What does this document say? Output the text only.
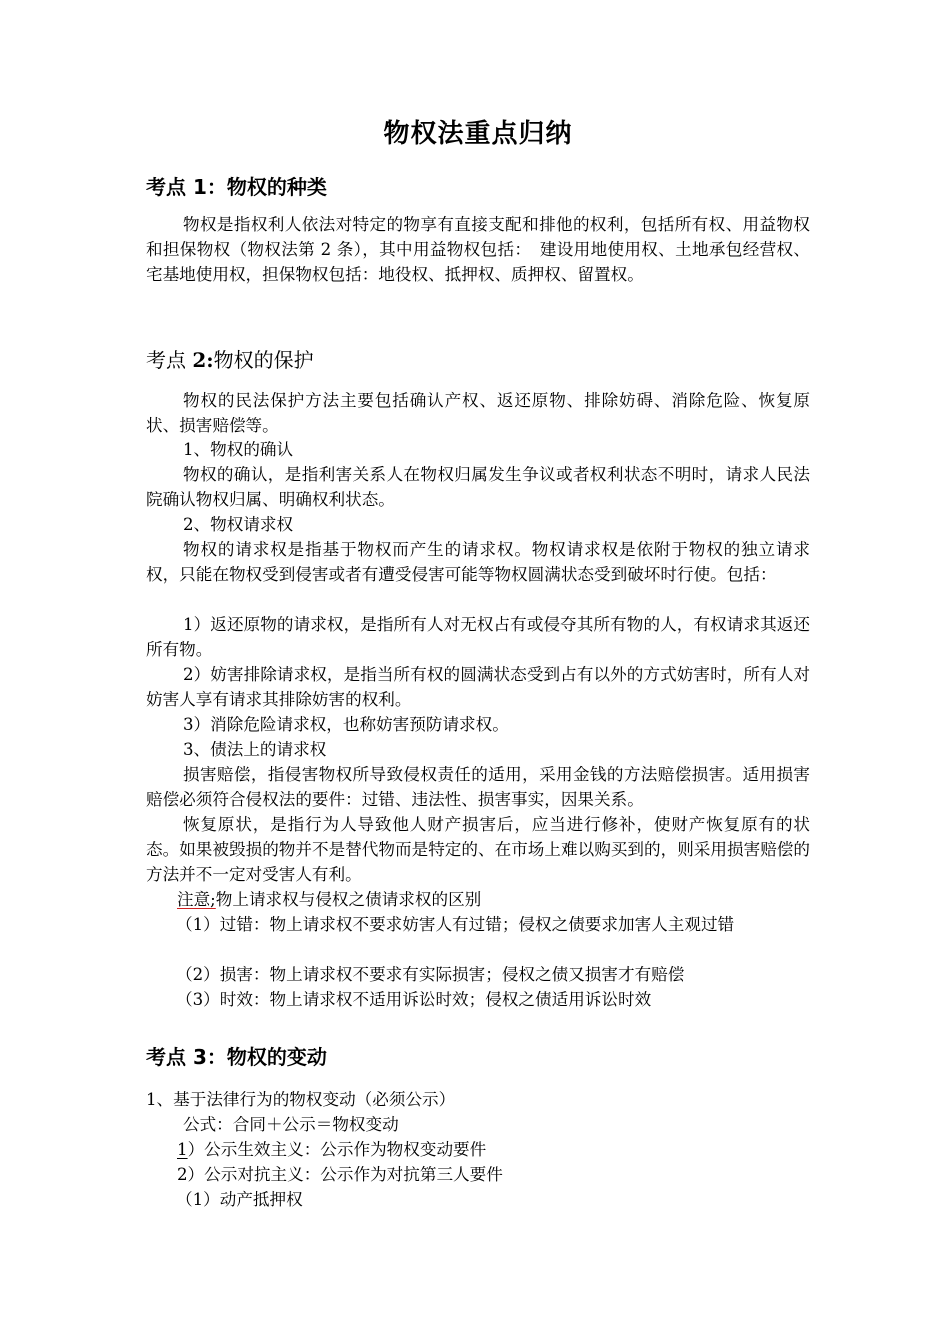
物权法重点归纳
考点 1：物权的种类
物权是指权利人依法对特定的物享有直接支配和排他的权利，包括所有权、用益物权和担保物权（物权法第 2 条），其中用益物权包括：　建设用地使用权、土地承包经营权、宅基地使用权，担保物权包括：地役权、抵押权、质押权、留置权。
考点 2:物权的保护
物权的民法保护方法主要包括确认产权、返还原物、排除妨碍、消除危险、恢复原状、损害赔偿等。
1、物权的确认
物权的确认，是指利害关系人在物权归属发生争议或者权利状态不明时，请求人民法院确认物权归属、明确权利状态。
2、物权请求权
物权的请求权是指基于物权而产生的请求权。物权请求权是依附于物权的独立请求权，只能在物权受到侵害或者有遭受侵害可能等物权圆满状态受到破坏时行使。包括：
1）返还原物的请求权，是指所有人对无权占有或侵夺其所有物的人，有权请求其返还所有物。
2）妨害排除请求权，是指当所有权的圆满状态受到占有以外的方式妨害时，所有人对妨害人享有请求其排除妨害的权利。
3）消除危险请求权，也称妨害预防请求权。
3、债法上的请求权
损害赔偿，指侵害物权所导致侵权责任的适用，采用金钱的方法赔偿损害。适用损害赔偿必须符合侵权法的要件：过错、违法性、损害事实，因果关系。
恢复原状，是指行为人导致他人财产损害后，应当进行修补，使财产恢复原有的状态。如果被毁损的物并不是替代物而是特定的、在市场上难以购买到的，则采用损害赔偿的方法并不一定对受害人有利。
注意;物上请求权与侵权之债请求权的区别
（1）过错：物上请求权不要求妨害人有过错；侵权之债要求加害人主观过错
（2）损害：物上请求权不要求有实际损害；侵权之债又损害才有赔偿
（3）时效：物上请求权不适用诉讼时效；侵权之债适用诉讼时效
考点 3：物权的变动
1、基于法律行为的物权变动（必须公示）
公式：合同＋公示＝物权变动
1）公示生效主义：公示作为物权变动要件
2）公示对抗主义：公示作为对抗第三人要件
（1）动产抵押权
